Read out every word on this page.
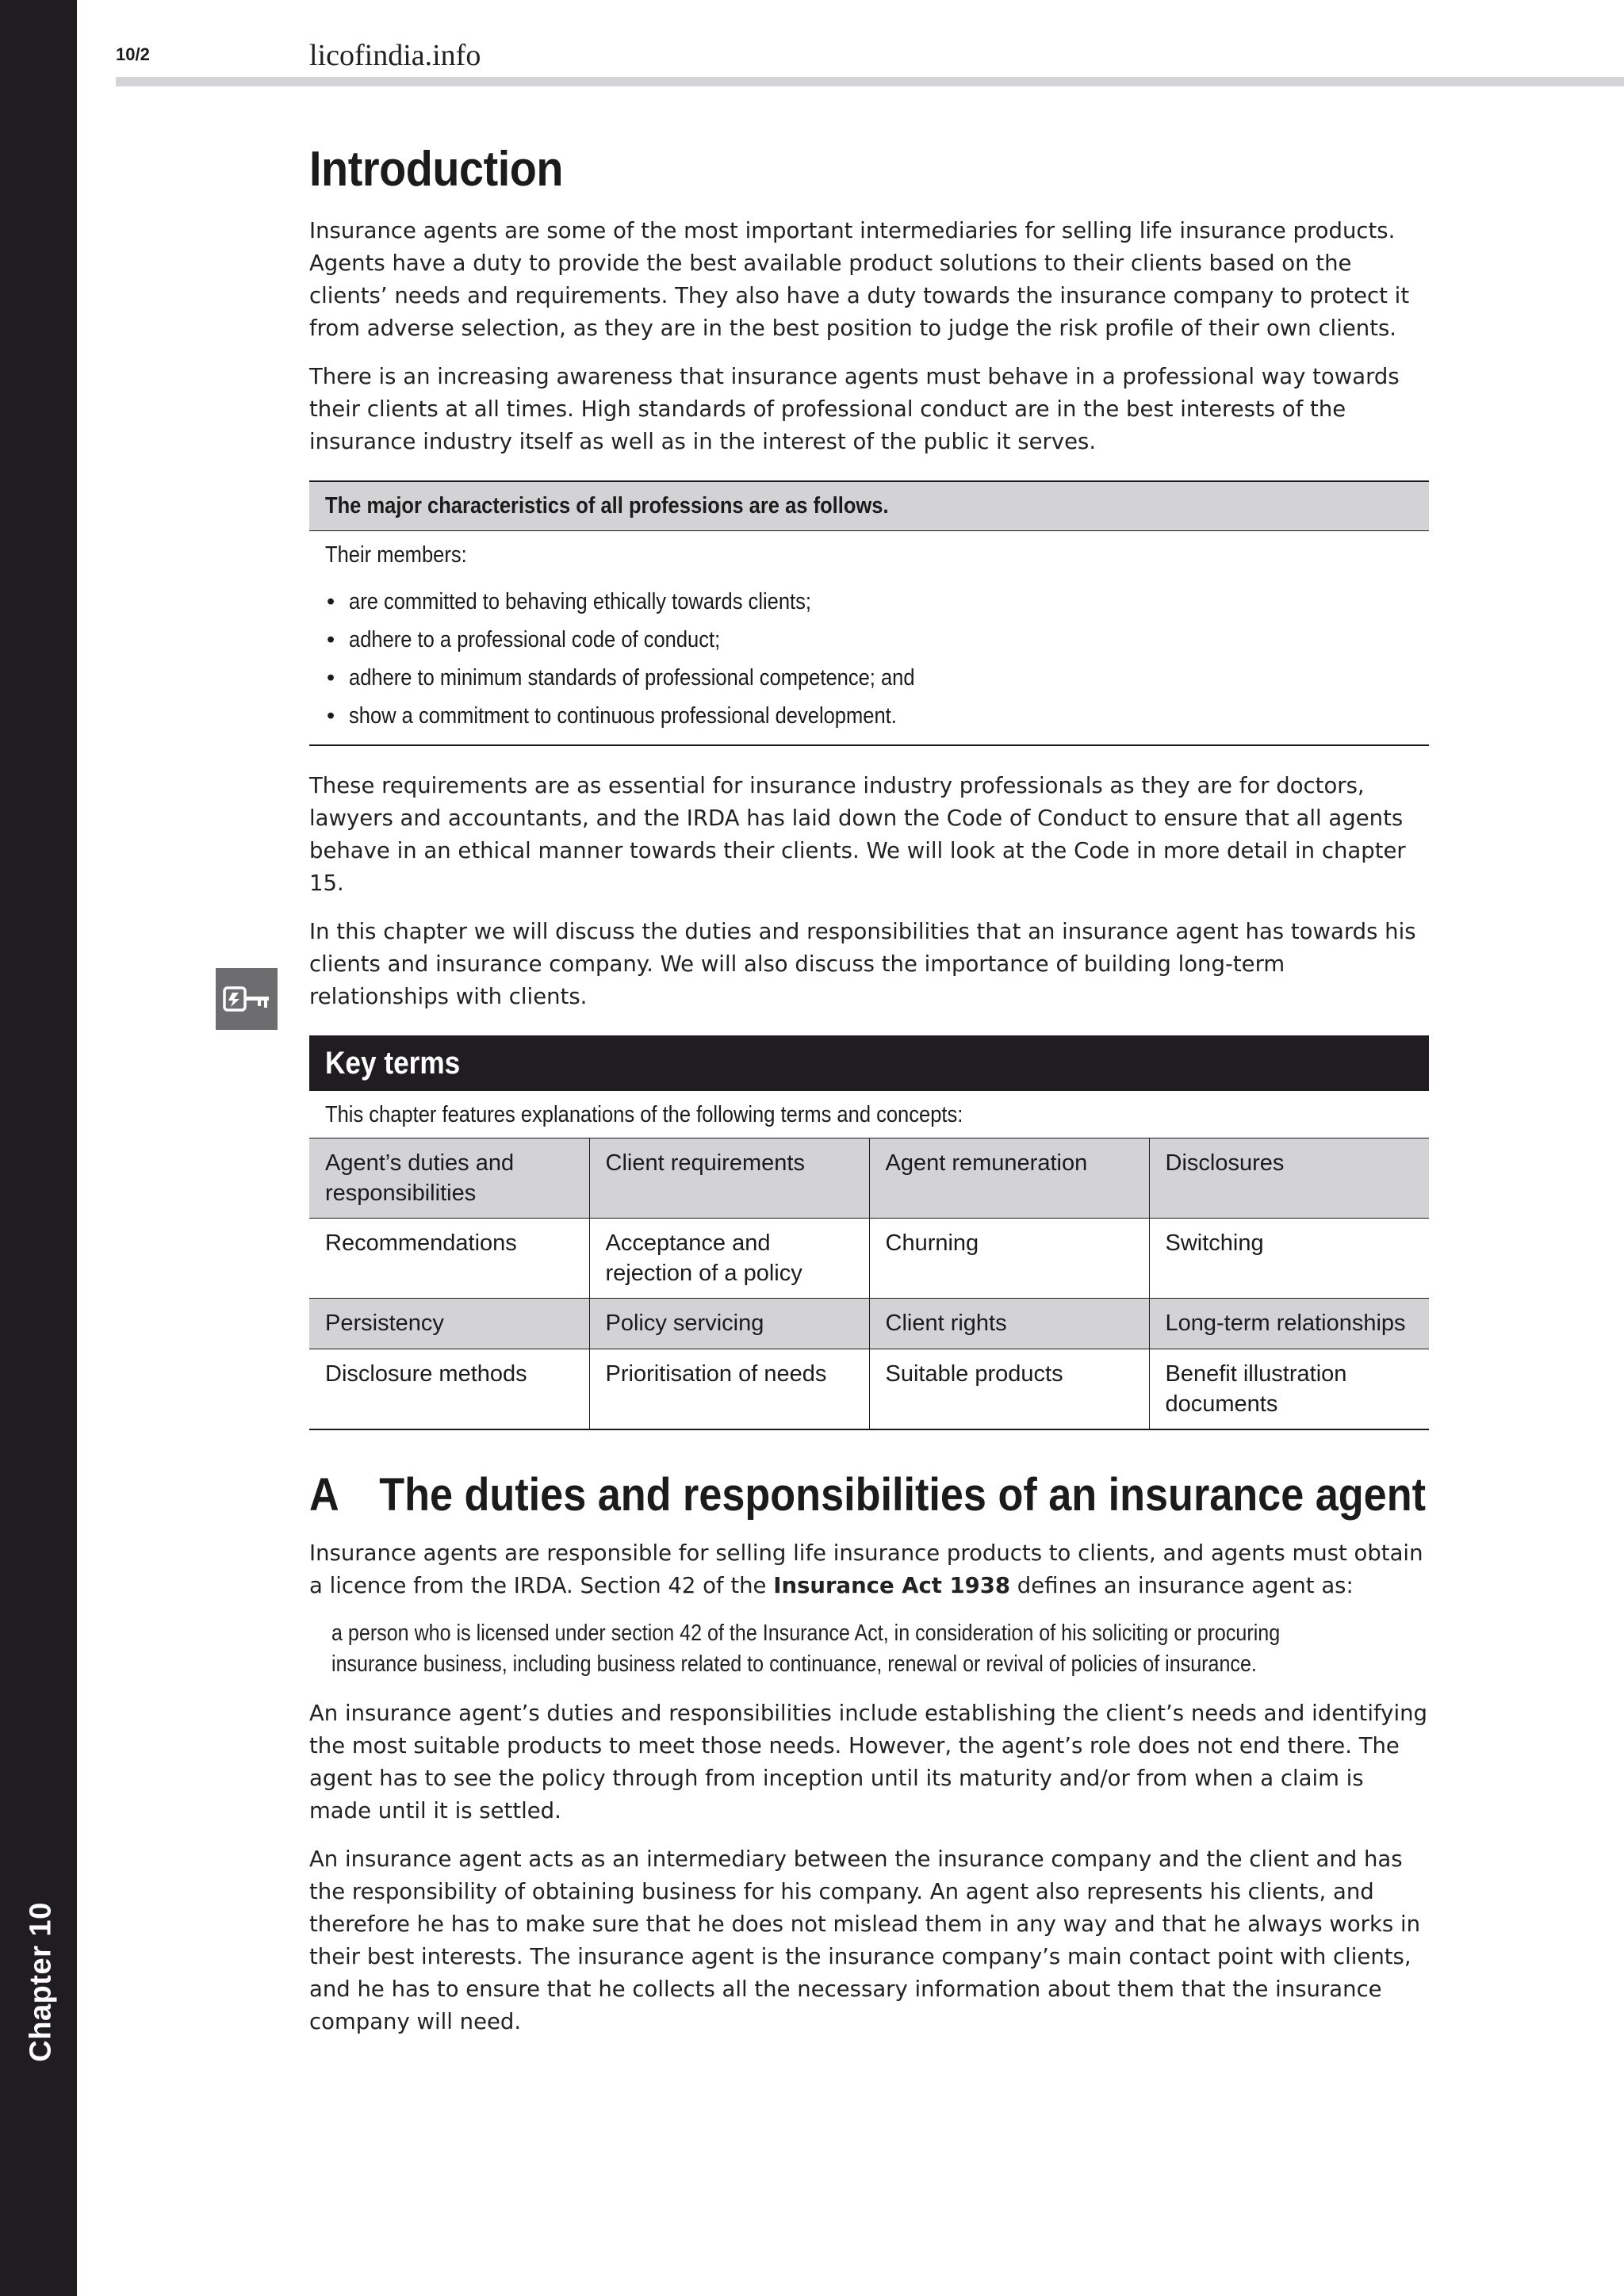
Chapter 10
10/2	licofindia.info
Introduction

Insurance agents are some of the most important intermediaries for selling life insurance products. Agents have a duty to provide the best available product solutions to their clients based on the clients’ needs and requirements. They also have a duty towards the insurance company to protect it from adverse selection, as they are in the best position to judge the risk profile of their own clients.

There is an increasing awareness that insurance agents must behave in a professional way towards their clients at all times. High standards of professional conduct are in the best interests of the insurance industry itself as well as in the interest of the public it serves.

The major characteristics of all professions are as follows.
Their members:
• are committed to behaving ethically towards clients;
• adhere to a professional code of conduct;
• adhere to minimum standards of professional competence; and
• show a commitment to continuous professional development.

These requirements are as essential for insurance industry professionals as they are for doctors, lawyers and accountants, and the IRDA has laid down the Code of Conduct to ensure that all agents behave in an ethical manner towards their clients. We will look at the Code in more detail in chapter 15.

In this chapter we will discuss the duties and responsibilities that an insurance agent has towards his clients and insurance company. We will also discuss the importance of building long-term relationships with clients.

Key terms
This chapter features explanations of the following terms and concepts:
Agent’s duties and responsibilities	Client requirements	Agent remuneration	Disclosures
Recommendations	Acceptance and rejection of a policy	Churning	Switching
Persistency	Policy servicing	Client rights	Long-term relationships
Disclosure methods	Prioritisation of needs	Suitable products	Benefit illustration documents
A The duties and responsibilities of an insurance agent

Insurance agents are responsible for selling life insurance products to clients, and agents must obtain a licence from the IRDA. Section 42 of the Insurance Act 1938 defines an insurance agent as:

a person who is licensed under section 42 of the Insurance Act, in consideration of his soliciting or procuring
insurance business, including business related to continuance, renewal or revival of policies of insurance.

An insurance agent’s duties and responsibilities include establishing the client’s needs and identifying the most suitable products to meet those needs. However, the agent’s role does not end there. The agent has to see the policy through from inception until its maturity and/or from when a claim is made until it is settled.

An insurance agent acts as an intermediary between the insurance company and the client and has the responsibility of obtaining business for his company. An agent also represents his clients, and therefore he has to make sure that he does not mislead them in any way and that he always works in their best interests. The insurance agent is the insurance company’s main contact point with clients, and he has to ensure that he collects all the necessary information about them that the insurance company will need.
